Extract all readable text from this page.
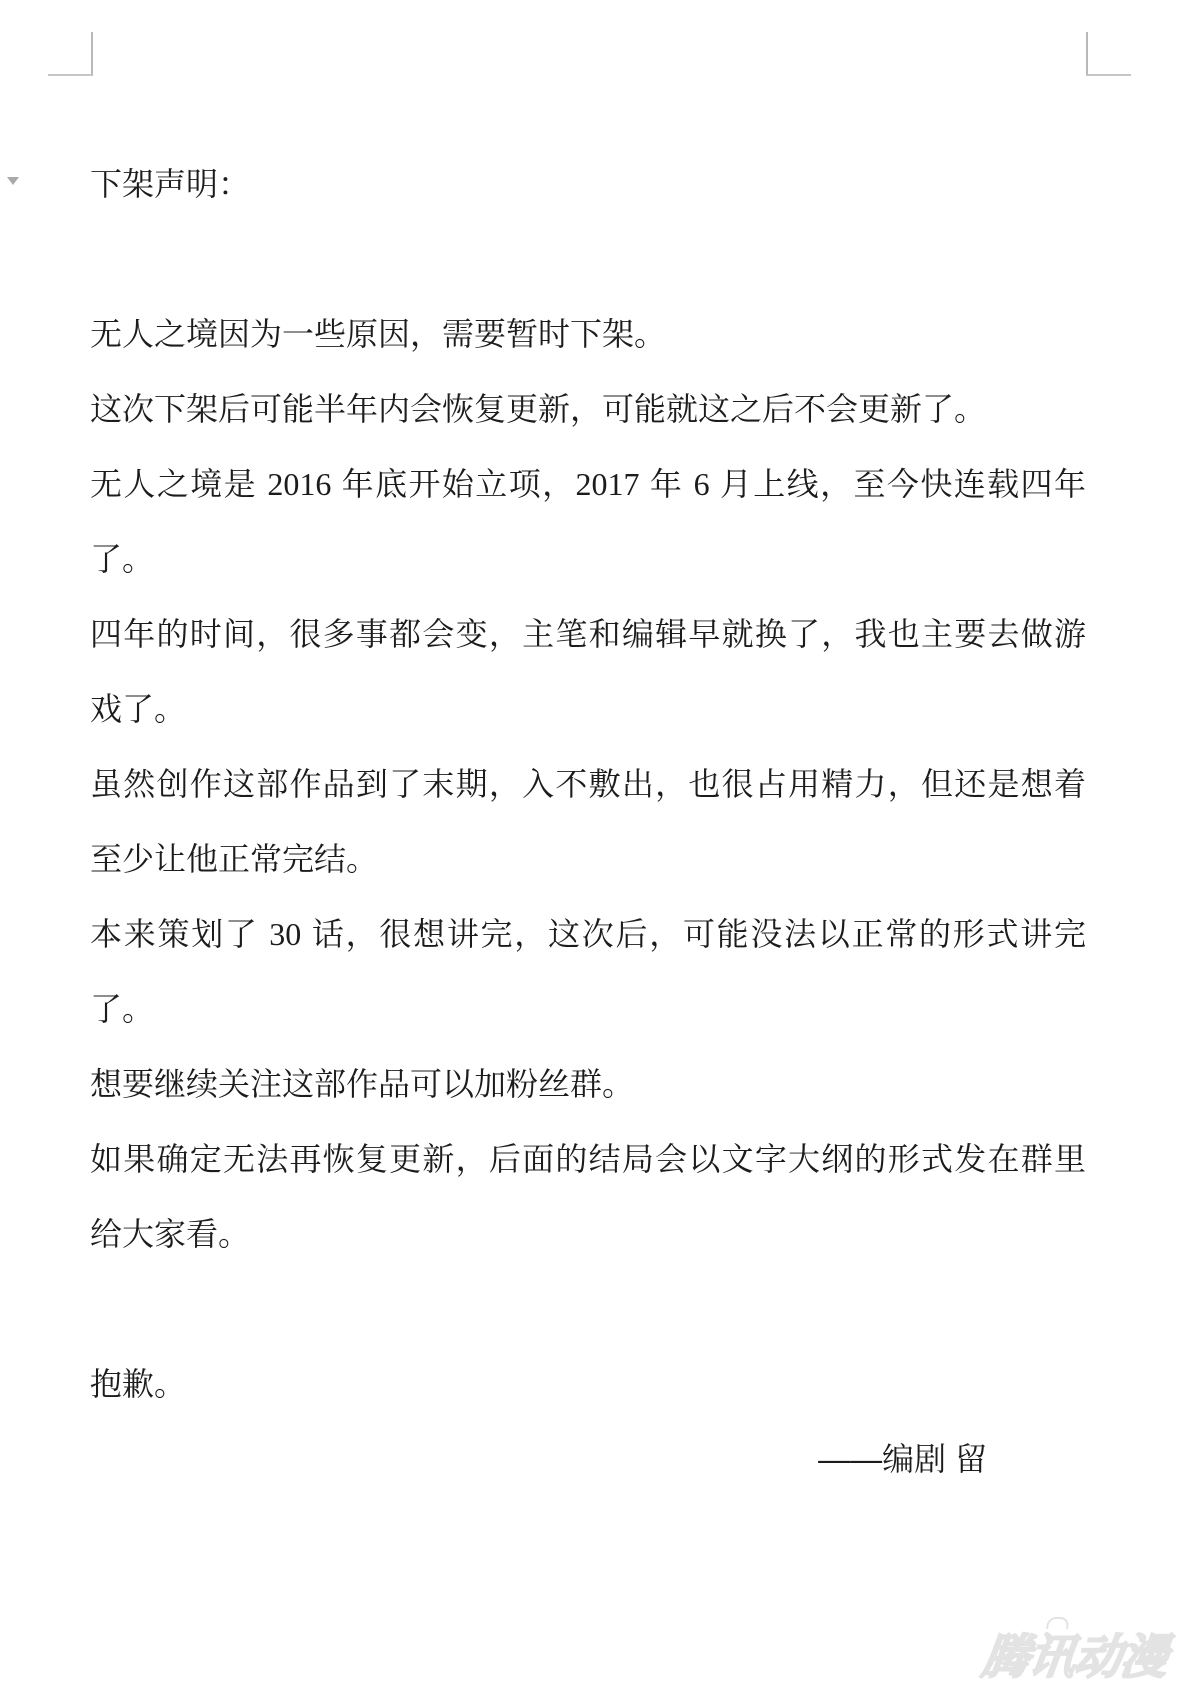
下架声明：
无人之境因为一些原因，需要暂时下架。
这次下架后可能半年内会恢复更新，可能就这之后不会更新了。
无人之境是 2016 年底开始立项，2017 年 6 月上线，至今快连载四年
了。
四年的时间，很多事都会变，主笔和编辑早就换了，我也主要去做游
戏了。
虽然创作这部作品到了末期，入不敷出，也很占用精力，但还是想着
至少让他正常完结。
本来策划了 30 话，很想讲完，这次后，可能没法以正常的形式讲完
了。
想要继续关注这部作品可以加粉丝群。
如果确定无法再恢复更新，后面的结局会以文字大纲的形式发在群里
给大家看。
抱歉。
——编剧 留
腾讯动漫
